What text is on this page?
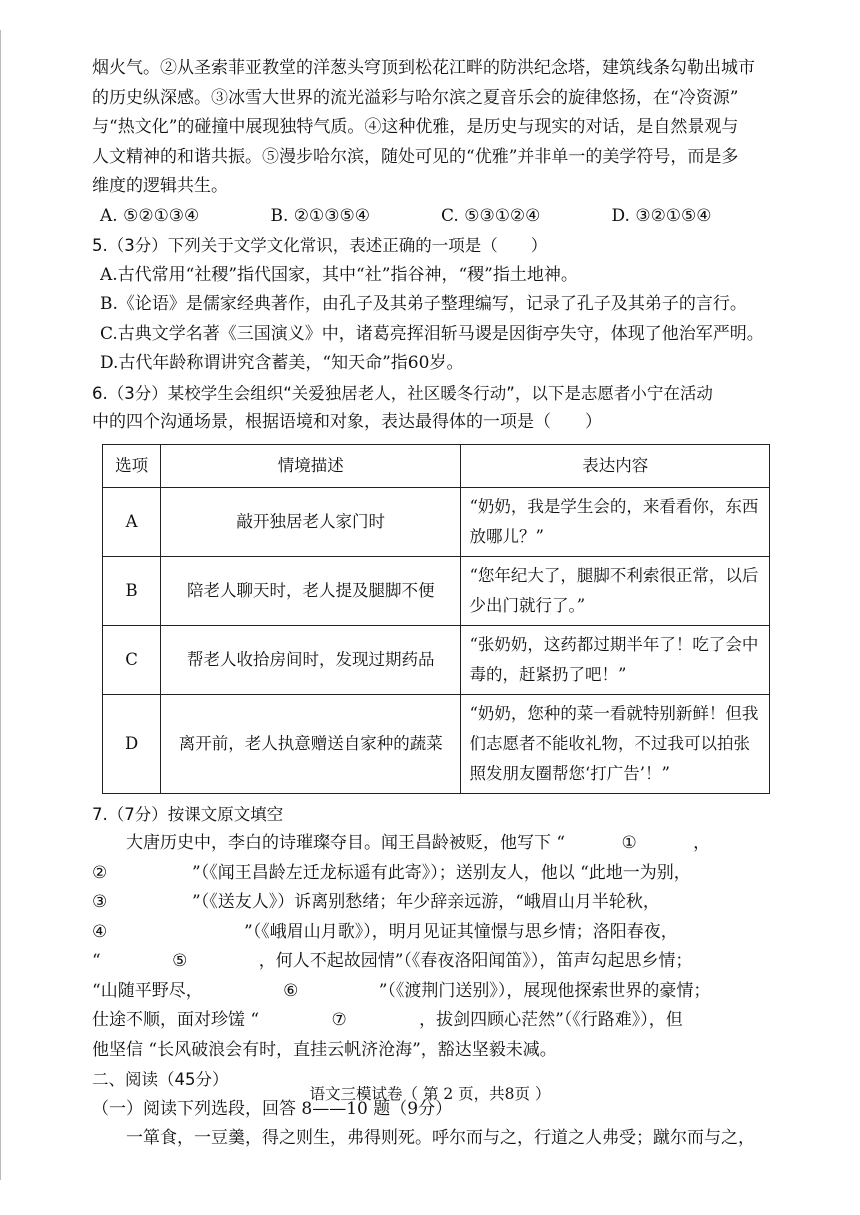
烟火气。②从圣索菲亚教堂的洋葱头穹顶到松花江畔的防洪纪念塔，建筑线条勾勒出城市
的历史纵深感。③冰雪大世界的流光溢彩与哈尔滨之夏音乐会的旋律悠扬，在“冷资源”
与“热文化”的碰撞中展现独特气质。④这种优雅，是历史与现实的对话，是自然景观与
人文精神的和谐共振。⑤漫步哈尔滨，随处可见的“优雅”并非单一的美学符号，而是多
维度的逻辑共生。
A. ⑤②①③④	B. ②①③⑤④	C. ⑤③①②④	D. ③②①⑤④
5.（3分）下列关于文学文化常识，表述正确的一项是（　　）
A.古代常用“社稷”指代国家，其中“社”指谷神，“稷”指土地神。
B.《论语》是儒家经典著作，由孔子及其弟子整理编写，记录了孔子及其弟子的言行。
C.古典文学名著《三国演义》中，诸葛亮挥泪斩马谡是因街亭失守，体现了他治军严明。
D.古代年龄称谓讲究含蓄美，“知天命”指60岁。
6.（3分）某校学生会组织“关爱独居老人，社区暖冬行动”，以下是志愿者小宁在活动
中的四个沟通场景，根据语境和对象，表达最得体的一项是（　　）
选项	情境描述	表达内容
A	敲开独居老人家门时	“奶奶，我是学生会的，来看看你，东西放哪儿？”
B	陪老人聊天时，老人提及腿脚不便	“您年纪大了，腿脚不利索很正常，以后少出门就行了。”
C	帮老人收拾房间时，发现过期药品	“张奶奶，这药都过期半年了！吃了会中毒的，赶紧扔了吧！”
D	离开前，老人执意赠送自家种的蔬菜	“奶奶，您种的菜一看就特别新鲜！但我们志愿者不能收礼物，不过我可以拍张照发朋友圈帮您‘打广告’！”
7.（7分）按课文原文填空
大唐历史中，李白的诗璀璨夺目。闻王昌龄被贬，他写下 “	①	，
②	”（《闻王昌龄左迁龙标遥有此寄》）；送别友人，他以 “此地一为别，
③	”（《送友人》）诉离别愁绪；年少辞亲远游，“峨眉山月半轮秋，
④	”（《峨眉山月歌》），明月见证其憧憬与思乡情；洛阳春夜，
“	⑤	，何人不起故园情”（《春夜洛阳闻笛》），笛声勾起思乡情；
“山随平野尽，	⑥	”（《渡荆门送别》），展现他探索世界的豪情；
仕途不顺，面对珍馐 “	⑦	，拔剑四顾心茫然”（《行路难》），但
他坚信 “长风破浪会有时，直挂云帆济沧海”，豁达坚毅未减。
二、阅读（45分）
（一）阅读下列选段，回答 8——10 题（9分）
一箪食，一豆羹，得之则生，弗得则死。呼尔而与之，行道之人弗受；蹴尔而与之，
语文三模试卷（ 第 2 页，共8页 ）
